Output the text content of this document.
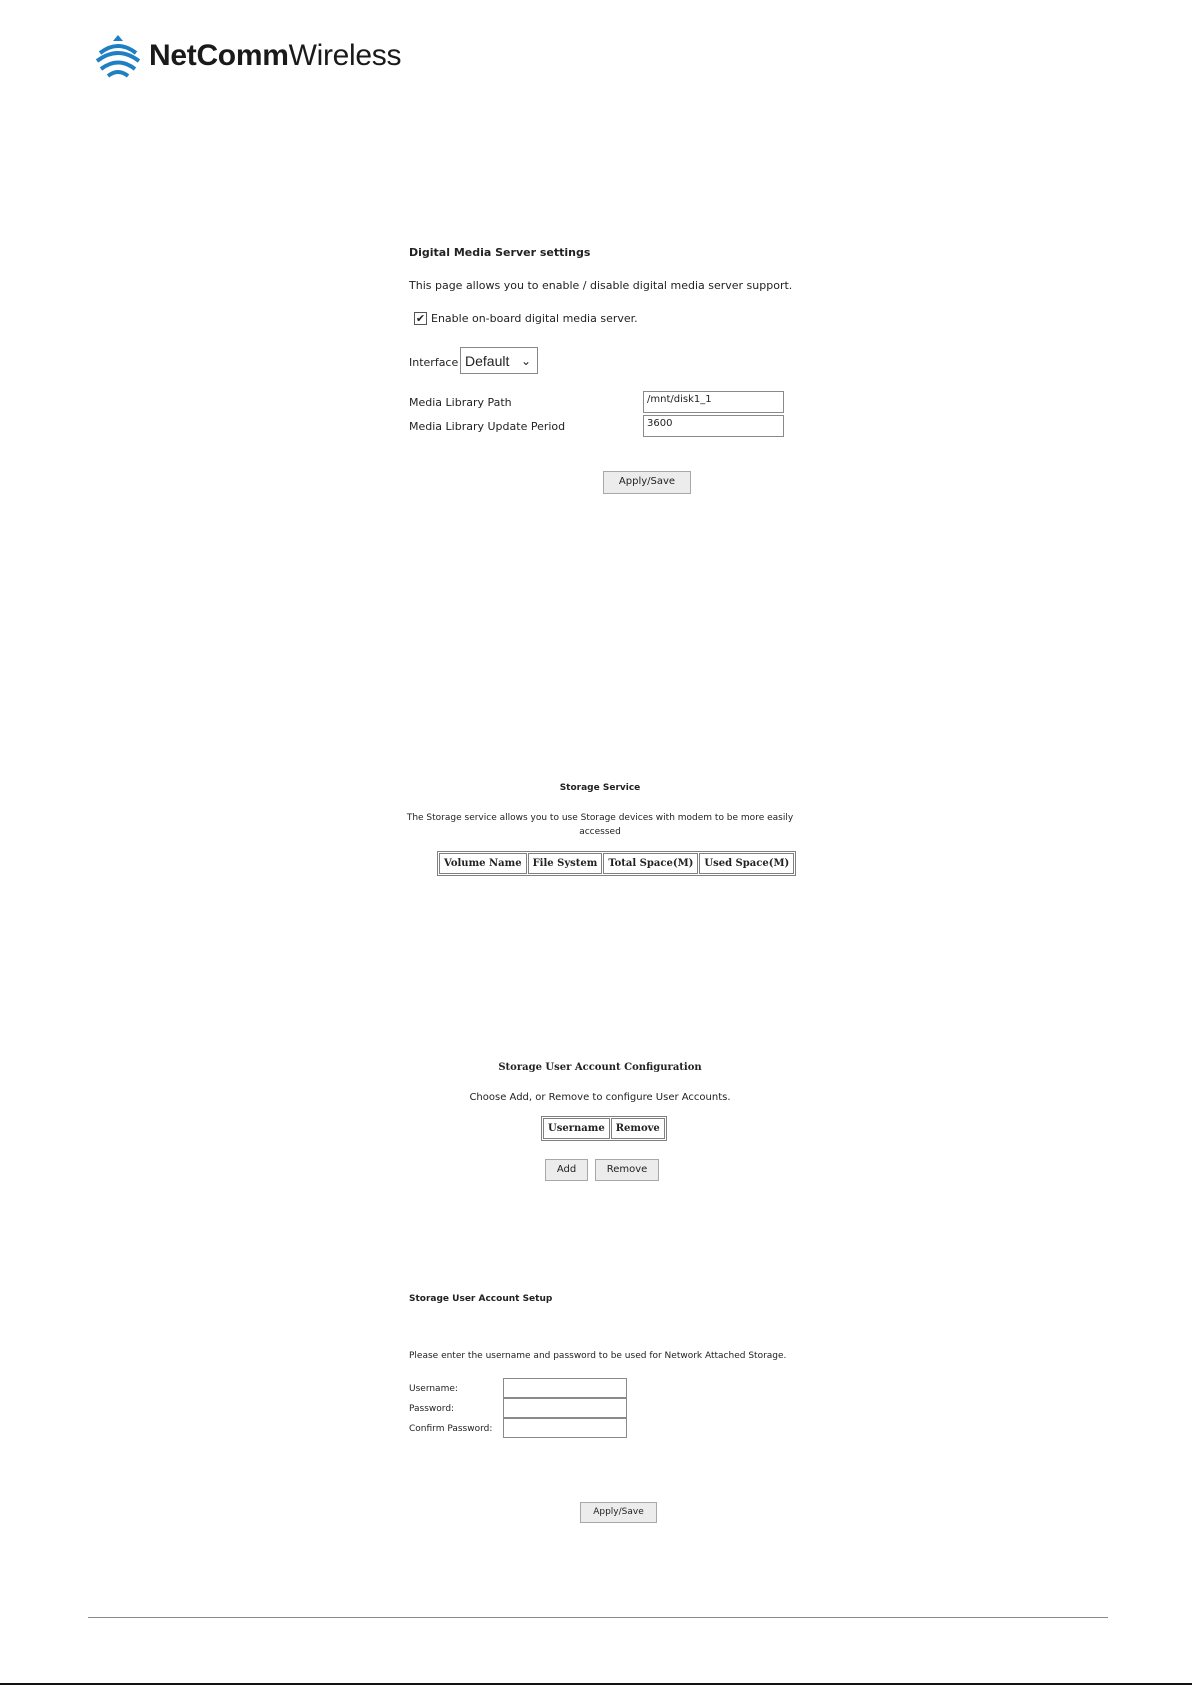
NetCommWireless
Digital Media Server settings
This page allows you to enable / disable digital media server support.
✔ Enable on-board digital media server.
Interface Default ⌄
Media Library Path	/mnt/disk1_1
Media Library Update Period	3600
Apply/Save
Storage Service
The Storage service allows you to use Storage devices with modem to be more easily
accessed
Volume Name	File System	Total Space(M)	Used Space(M)
Storage User Account Configuration
Choose Add, or Remove to configure User Accounts.
Username	Remove
Add	Remove
Storage User Account Setup
Please enter the username and password to be used for Network Attached Storage.
Username:
Password:
Confirm Password:
Apply/Save
